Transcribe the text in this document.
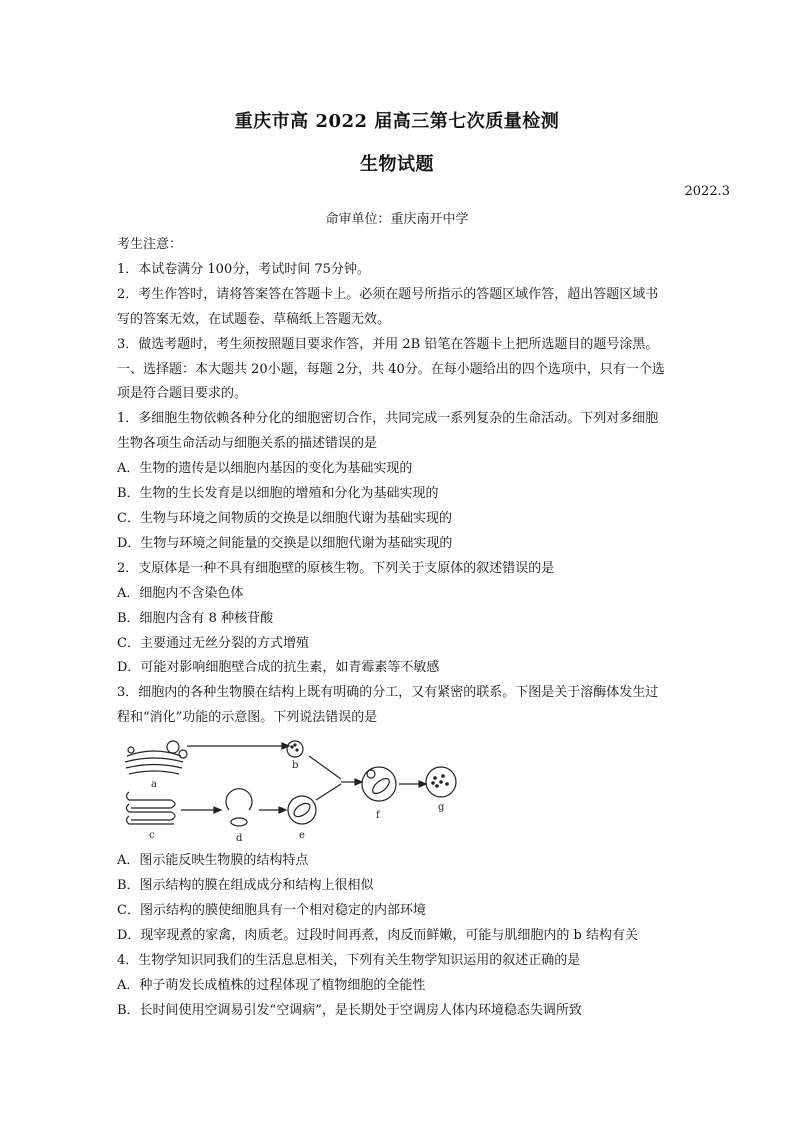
重庆市高 2022 届高三第七次质量检测
生物试题
2022.3
命审单位：重庆南开中学

考生注意：

1．本试卷满分 100分，考试时间 75分钟。

2．考生作答时，请将答案答在答题卡上。必须在题号所指示的答题区域作答，超出答题区域书

写的答案无效，在试题卷、草稿纸上答题无效。

3．做选考题时，考生须按照题目要求作答，并用 2B 铅笔在答题卡上把所选题目的题号涂黑。

一、选择题：本大题共 20小题，每题 2分，共 40分。在每小题给出的四个选项中，只有一个选

项是符合题目要求的。

1．多细胞生物依赖各种分化的细胞密切合作，共同完成一系列复杂的生命活动。下列对多细胞

生物各项生命活动与细胞关系的描述错误的是

A．生物的遗传是以细胞内基因的变化为基础实现的

B．生物的生长发育是以细胞的增殖和分化为基础实现的

C．生物与环境之间物质的交换是以细胞代谢为基础实现的

D．生物与环境之间能量的交换是以细胞代谢为基础实现的

2．支原体是一种不具有细胞壁的原核生物。下列关于支原体的叙述错误的是

A．细胞内不含染色体

B．细胞内含有 8 种核苷酸

C．主要通过无丝分裂的方式增殖

D．可能对影响细胞壁合成的抗生素，如青霉素等不敏感

3．细胞内的各种生物膜在结构上既有明确的分工，又有紧密的联系。下图是关于溶酶体发生过

程和“消化”功能的示意图。下列说法错误的是

a
b
c	d	e
f
g

A．图示能反映生物膜的结构特点

B．图示结构的膜在组成成分和结构上很相似

C．图示结构的膜使细胞具有一个相对稳定的内部环境

D．现宰现煮的家禽，肉质老。过段时间再煮，肉反而鲜嫩，可能与肌细胞内的 b 结构有关

4．生物学知识同我们的生活息息相关，下列有关生物学知识运用的叙述正确的是

A．种子萌发长成植株的过程体现了植物细胞的全能性

B．长时间使用空调易引发“空调病”，是长期处于空调房人体内环境稳态失调所致
